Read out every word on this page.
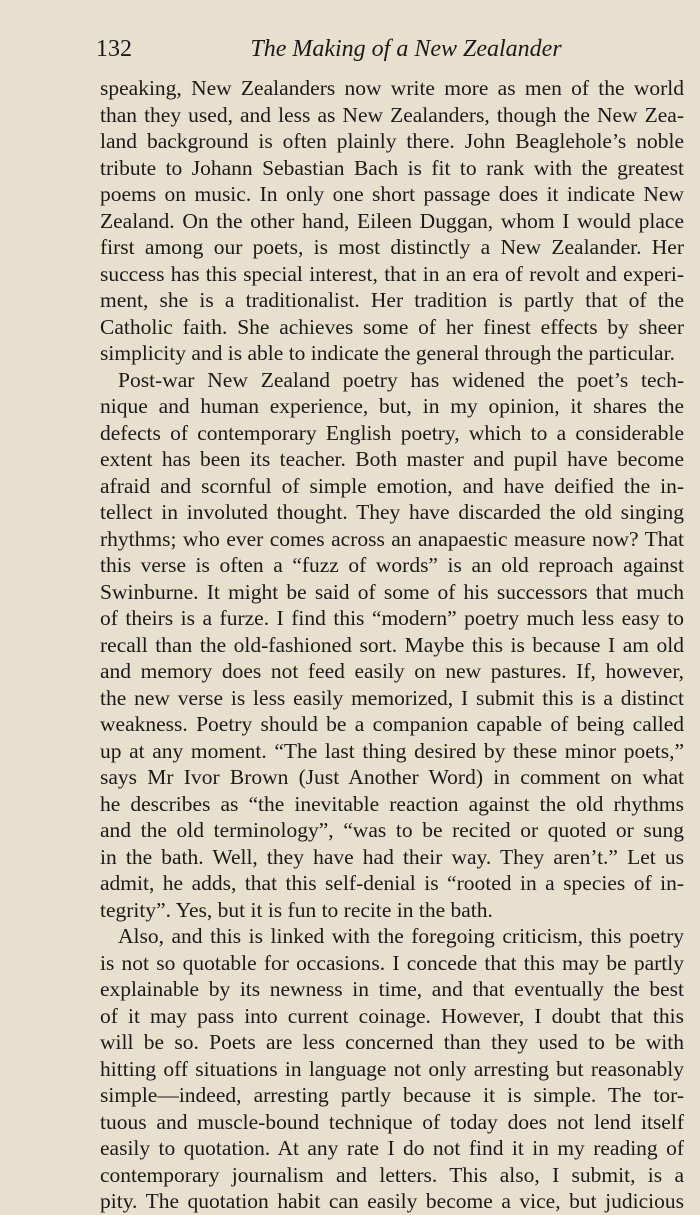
132	The Making of a New Zealander
speaking, New Zealanders now write more as men of the world
than they used, and less as New Zealanders, though the New Zea-
land background is often plainly there. John Beaglehole’s noble
tribute to Johann Sebastian Bach is fit to rank with the greatest
poems on music. In only one short passage does it indicate New
Zealand. On the other hand, Eileen Duggan, whom I would place
first among our poets, is most distinctly a New Zealander. Her
success has this special interest, that in an era of revolt and experi-
ment, she is a traditionalist. Her tradition is partly that of the
Catholic faith. She achieves some of her finest effects by sheer
simplicity and is able to indicate the general through the particular.
Post-war New Zealand poetry has widened the poet’s tech-
nique and human experience, but, in my opinion, it shares the
defects of contemporary English poetry, which to a considerable
extent has been its teacher. Both master and pupil have become
afraid and scornful of simple emotion, and have deified the in-
tellect in involuted thought. They have discarded the old singing
rhythms; who ever comes across an anapaestic measure now? That
this verse is often a “fuzz of words” is an old reproach against
Swinburne. It might be said of some of his successors that much
of theirs is a furze. I find this “modern” poetry much less easy to
recall than the old-fashioned sort. Maybe this is because I am old
and memory does not feed easily on new pastures. If, however,
the new verse is less easily memorized, I submit this is a distinct
weakness. Poetry should be a companion capable of being called
up at any moment. “The last thing desired by these minor poets,”
says Mr Ivor Brown (Just Another Word) in comment on what
he describes as “the inevitable reaction against the old rhythms
and the old terminology”, “was to be recited or quoted or sung
in the bath. Well, they have had their way. They aren’t.” Let us
admit, he adds, that this self-denial is “rooted in a species of in-
tegrity”. Yes, but it is fun to recite in the bath.
Also, and this is linked with the foregoing criticism, this poetry
is not so quotable for occasions. I concede that this may be partly
explainable by its newness in time, and that eventually the best
of it may pass into current coinage. However, I doubt that this
will be so. Poets are less concerned than they used to be with
hitting off situations in language not only arresting but reasonably
simple—indeed, arresting partly because it is simple. The tor-
tuous and muscle-bound technique of today does not lend itself
easily to quotation. At any rate I do not find it in my reading of
contemporary journalism and letters. This also, I submit, is a
pity. The quotation habit can easily become a vice, but judicious
